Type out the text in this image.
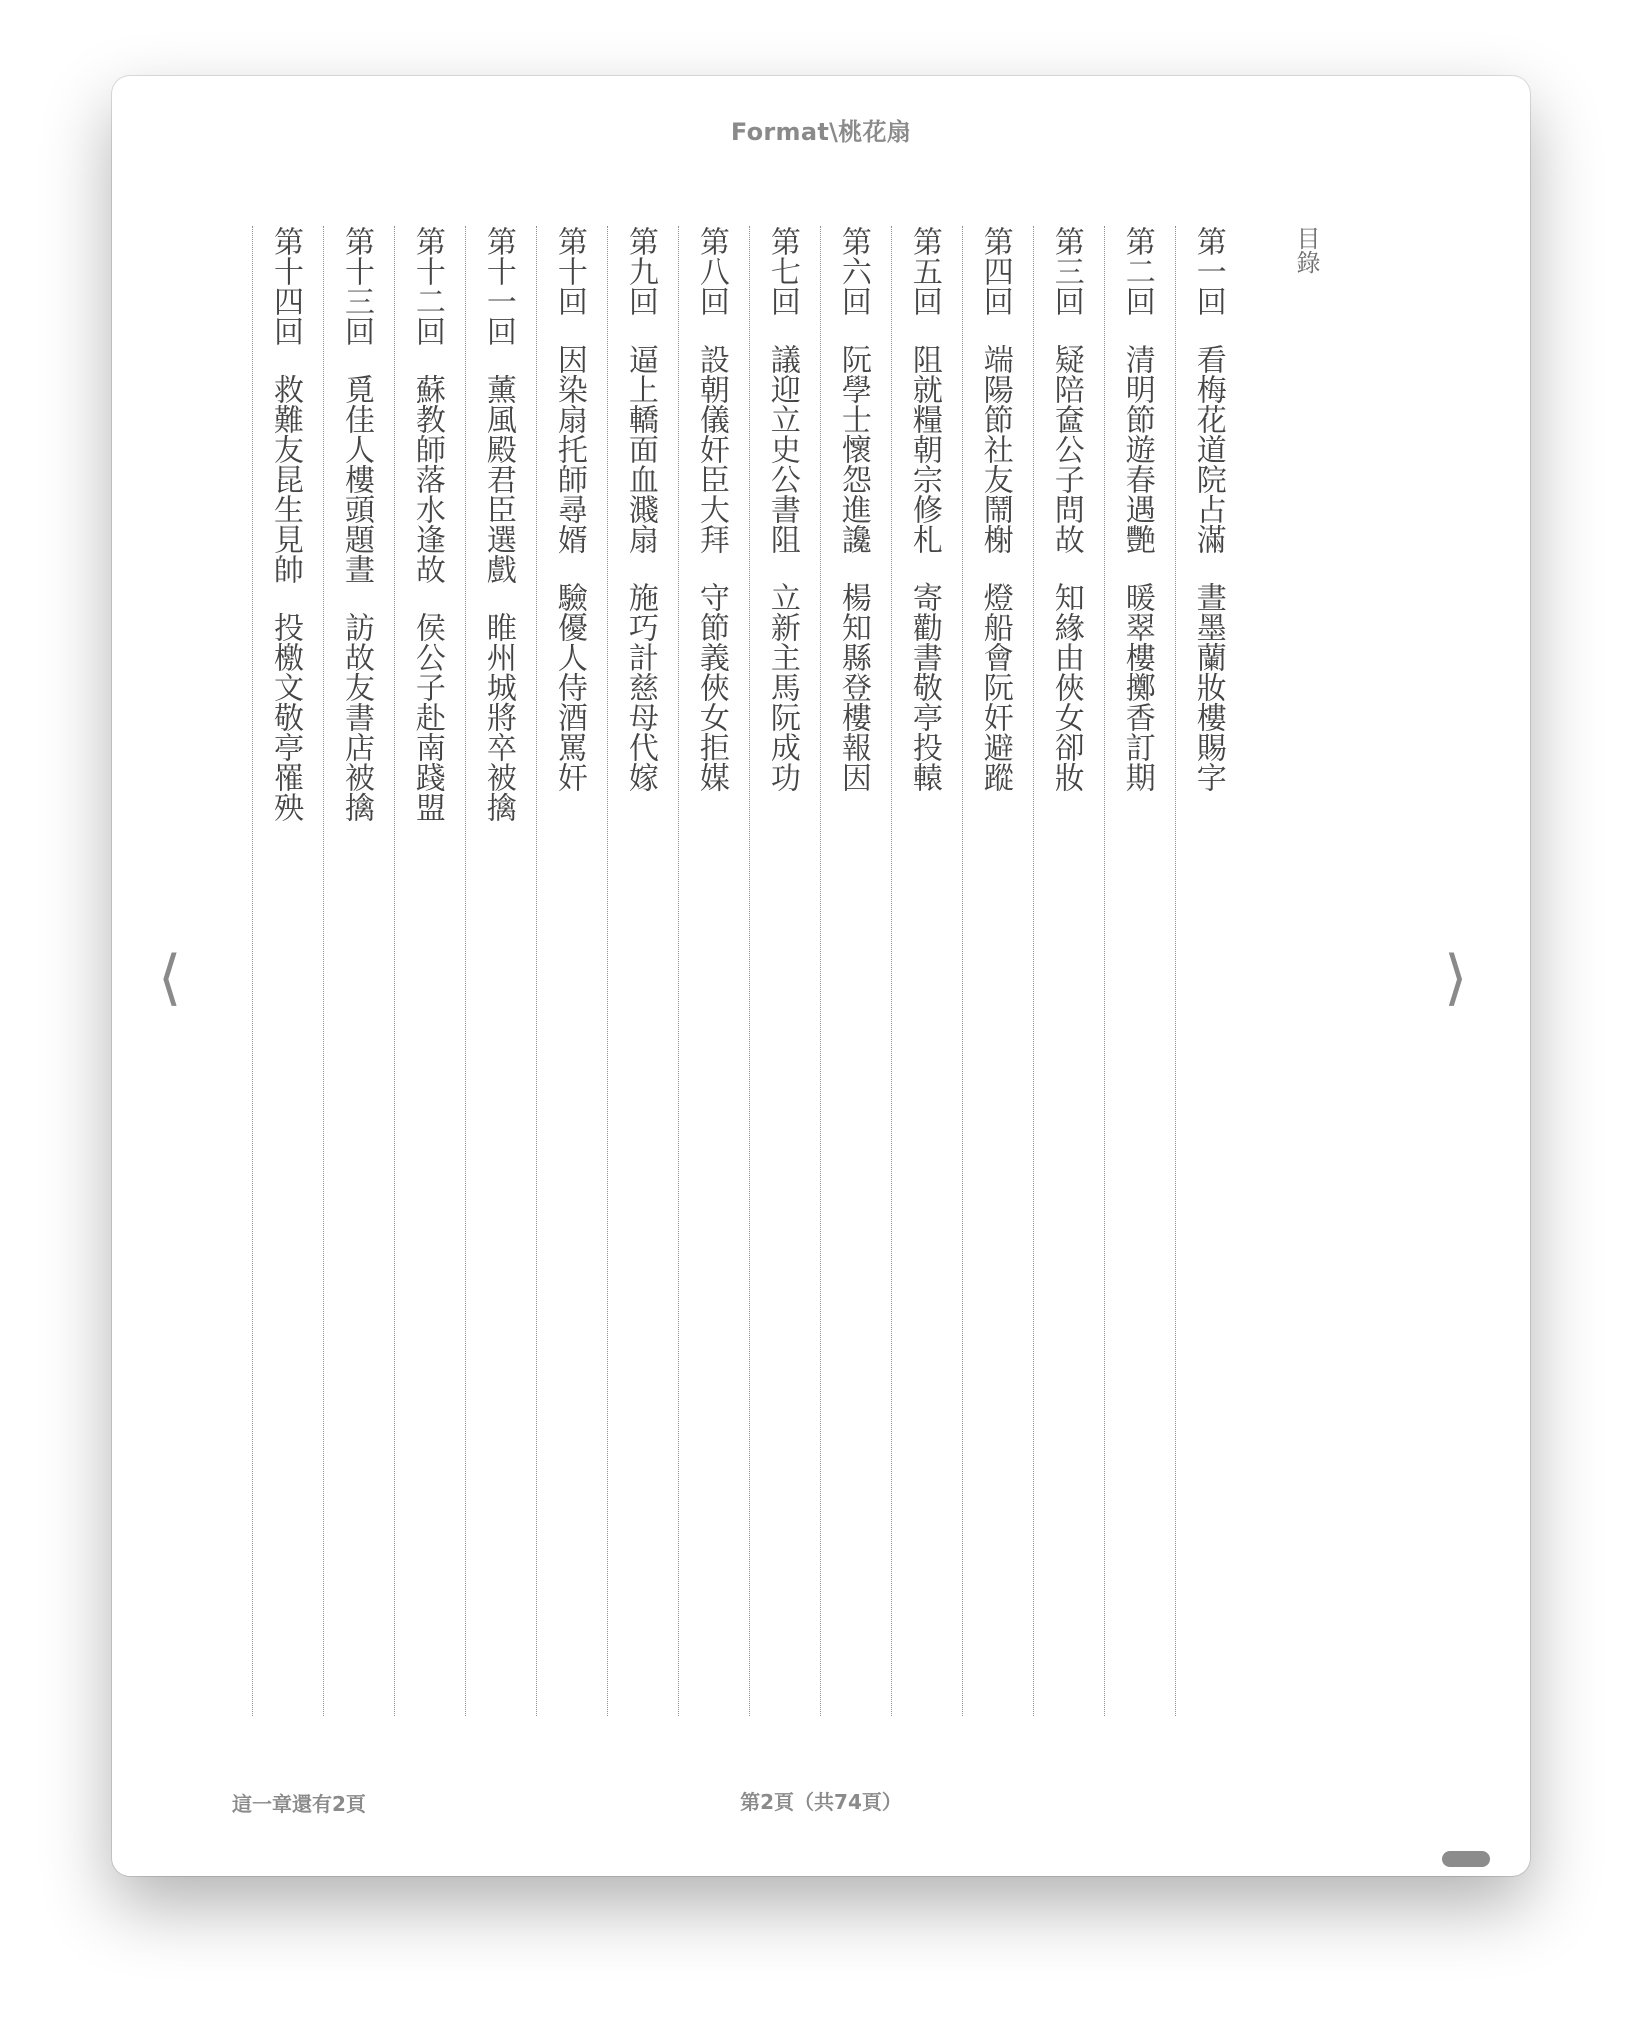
Format\桃花扇
目錄
第一回看梅花道院占滿晝墨蘭妝樓賜字
第二回清明節遊春遇艷暖翠樓擲香訂期
第三回疑陪奩公子問故知緣由俠女卻妝
第四回端陽節社友鬧榭燈船會阮奸避蹤
第五回阻就糧朝宗修札寄勸書敬亭投轅
第六回阮學士懷怨進讒楊知縣登樓報因
第七回議迎立史公書阻立新主馬阮成功
第八回設朝儀奸臣大拜守節義俠女拒媒
第九回逼上轎面血濺扇施巧計慈母代嫁
第十回因染扇托師尋婿驗優人侍酒罵奸
第十一回薰風殿君臣選戲睢州城將卒被擒
第十二回蘇教師落水逢故侯公子赴南踐盟
第十三回覓佳人樓頭題晝訪故友書店被擒
第十四回救難友昆生見帥投檄文敬亭罹殃
⟨	⟩
這一章還有2頁	第2頁（共74頁）
